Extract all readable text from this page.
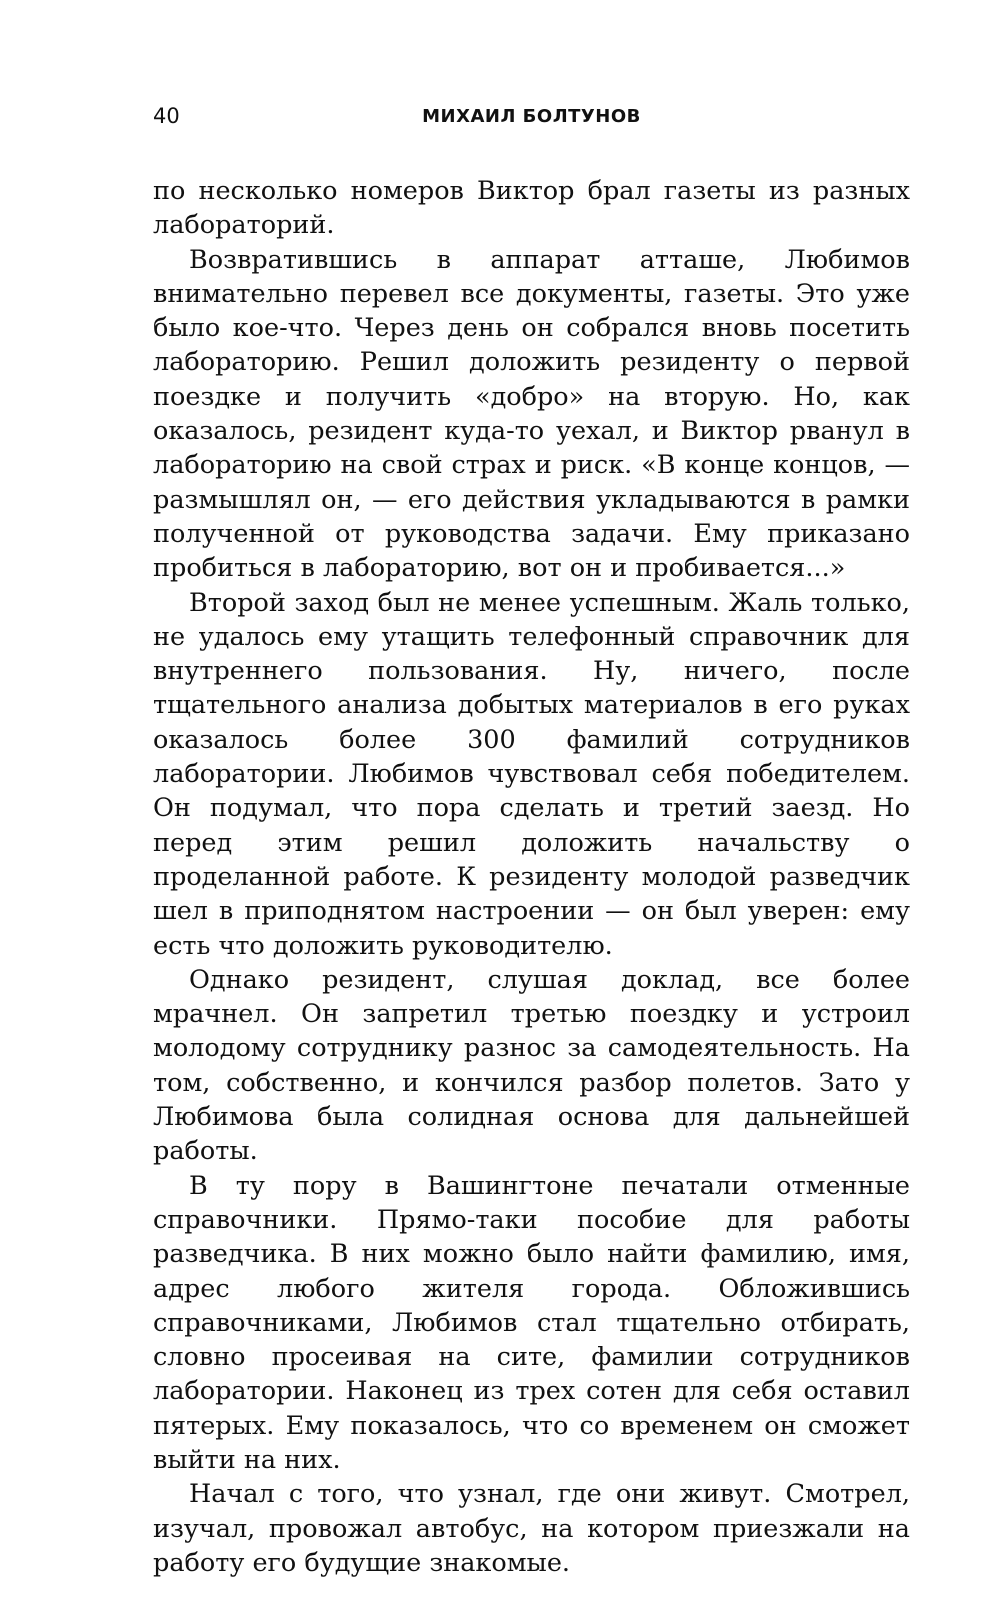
40	МИХАИЛ БОЛТУНОВ

по несколько номеров Виктор брал газеты из разных лабораторий.

Возвратившись в аппарат атташе, Любимов внимательно перевел все документы, газеты. Это уже было кое-что. Через день он собрался вновь посетить лабораторию. Решил доложить резиденту о первой поездке и получить «добро» на вторую. Но, как оказалось, резидент куда-то уехал, и Виктор рванул в лабораторию на свой страх и риск. «В конце концов, — размышлял он, — его действия укладываются в рамки полученной от руководства задачи. Ему приказано пробиться в лабораторию, вот он и пробивается...»

Второй заход был не менее успешным. Жаль только, не удалось ему утащить телефонный справочник для внутреннего пользования. Ну, ничего, после тщательного анализа добытых материалов в его руках оказалось более 300 фамилий сотрудников лаборатории. Любимов чувствовал себя победителем. Он подумал, что пора сделать и третий заезд. Но перед этим решил доложить начальству о проделанной работе. К резиденту молодой разведчик шел в приподнятом настроении — он был уверен: ему есть что доложить руководителю.

Однако резидент, слушая доклад, все более мрачнел. Он запретил третью поездку и устроил молодому сотруднику разнос за самодеятельность. На том, собственно, и кончился разбор полетов. Зато у Любимова была солидная основа для дальнейшей работы.

В ту пору в Вашингтоне печатали отменные справочники. Прямо-таки пособие для работы разведчика. В них можно было найти фамилию, имя, адрес любого жителя города. Обложившись справочниками, Любимов стал тщательно отбирать, словно просеивая на сите, фамилии сотрудников лаборатории. Наконец из трех сотен для себя оставил пятерых. Ему показалось, что со временем он сможет выйти на них.

Начал с того, что узнал, где они живут. Смотрел, изучал, провожал автобус, на котором приезжали на работу его будущие знакомые.
